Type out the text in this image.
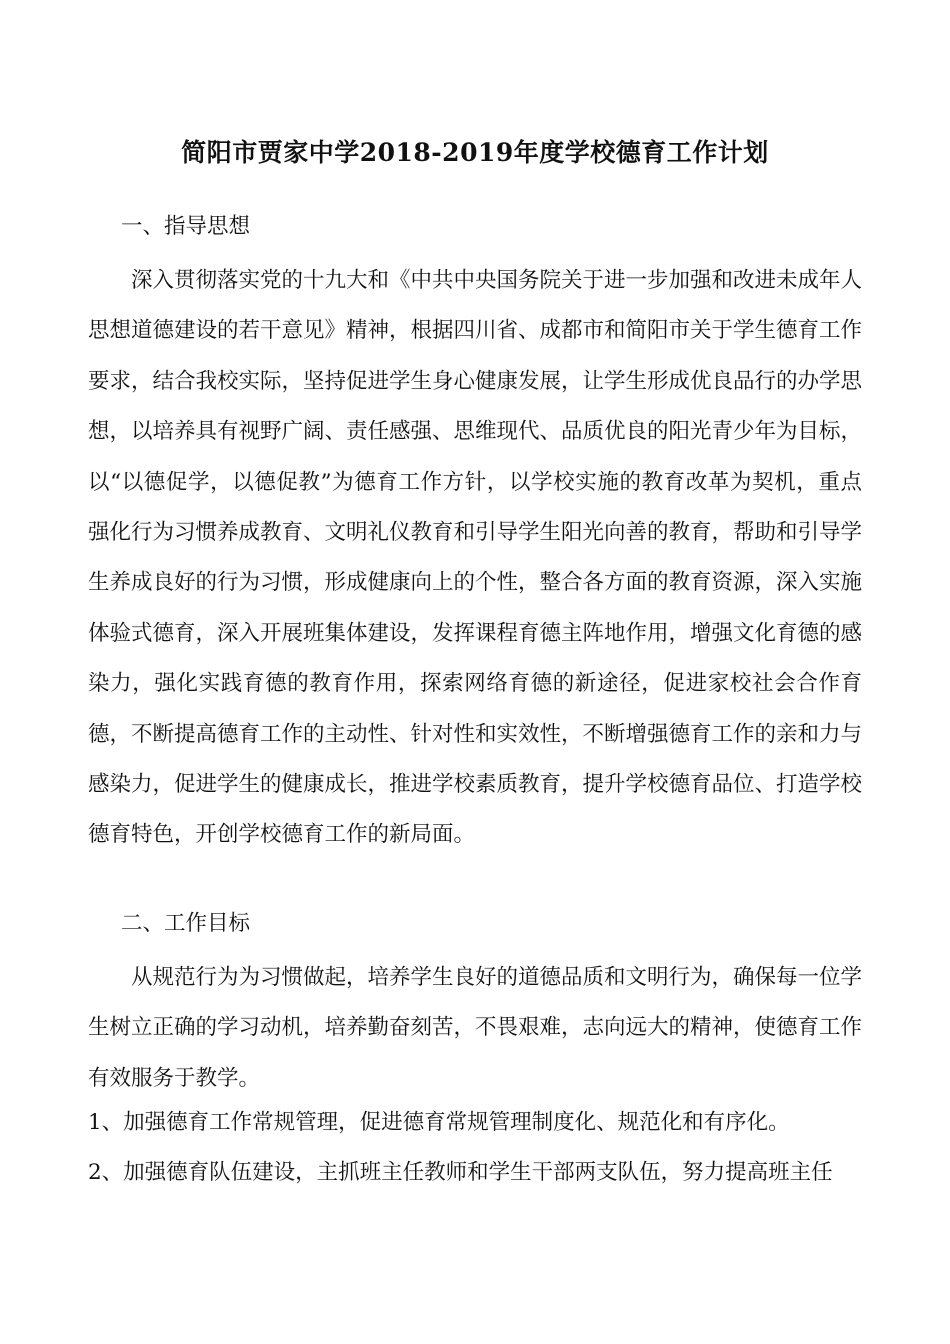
简阳市贾家中学2018-2019年度学校德育工作计划
一、指导思想
深入贯彻落实党的十九大和《中共中央国务院关于进一步加强和改进未成年人思想道德建设的若干意见》精神，根据四川省、成都市和简阳市关于学生德育工作要求，结合我校实际，坚持促进学生身心健康发展，让学生形成优良品行的办学思想，以培养具有视野广阔、责任感强、思维现代、品质优良的阳光青少年为目标，以“以德促学，以德促教”为德育工作方针，以学校实施的教育改革为契机，重点强化行为习惯养成教育、文明礼仪教育和引导学生阳光向善的教育，帮助和引导学生养成良好的行为习惯，形成健康向上的个性，整合各方面的教育资源，深入实施体验式德育，深入开展班集体建设，发挥课程育德主阵地作用，增强文化育德的感染力，强化实践育德的教育作用，探索网络育德的新途径，促进家校社会合作育德，不断提高德育工作的主动性、针对性和实效性，不断增强德育工作的亲和力与感染力，促进学生的健康成长，推进学校素质教育，提升学校德育品位、打造学校德育特色，开创学校德育工作的新局面。
二、工作目标
从规范行为为习惯做起，培养学生良好的道德品质和文明行为，确保每一位学生树立正确的学习动机，培养勤奋刻苦，不畏艰难，志向远大的精神，使德育工作有效服务于教学。
1、加强德育工作常规管理，促进德育常规管理制度化、规范化和有序化。
2、加强德育队伍建设，主抓班主任教师和学生干部两支队伍，努力提高班主任
